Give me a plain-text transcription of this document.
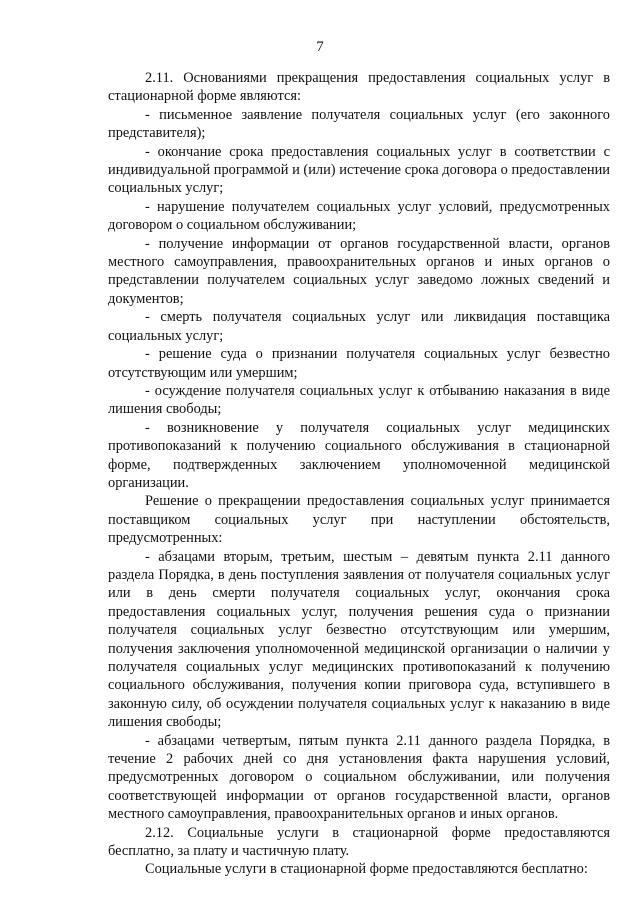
7

2.11. Основаниями прекращения предоставления социальных услуг в стационарной форме являются:

- письменное заявление получателя социальных услуг (его законного представителя);

- окончание срока предоставления социальных услуг в соответствии с индивидуальной программой и (или) истечение срока договора о предоставлении социальных услуг;

- нарушение получателем социальных услуг условий, предусмотренных договором о социальном обслуживании;

- получение информации от органов государственной власти, органов местного самоуправления, правоохранительных органов и иных органов о представлении получателем социальных услуг заведомо ложных сведений и документов;

- смерть получателя социальных услуг или ликвидация поставщика социальных услуг;

- решение суда о признании получателя социальных услуг безвестно отсутствующим или умершим;

- осуждение получателя социальных услуг к отбыванию наказания в виде лишения свободы;

- возникновение у получателя социальных услуг медицинских противопоказаний к получению социального обслуживания в стационарной форме, подтвержденных заключением уполномоченной медицинской организации.

Решение о прекращении предоставления социальных услуг принимается поставщиком социальных услуг при наступлении обстоятельств, предусмотренных:

- абзацами вторым, третьим, шестым – девятым пункта 2.11 данного раздела Порядка, в день поступления заявления от получателя социальных услуг или в день смерти получателя социальных услуг, окончания срока предоставления социальных услуг, получения решения суда о признании получателя социальных услуг безвестно отсутствующим или умершим, получения заключения уполномоченной медицинской организации о наличии у получателя социальных услуг медицинских противопоказаний к получению социального обслуживания, получения копии приговора суда, вступившего в законную силу, об осуждении получателя социальных услуг к наказанию в виде лишения свободы;

- абзацами четвертым, пятым пункта 2.11 данного раздела Порядка, в течение 2 рабочих дней со дня установления факта нарушения условий, предусмотренных договором о социальном обслуживании, или получения соответствующей информации от органов государственной власти, органов местного самоуправления, правоохранительных органов и иных органов.

2.12. Социальные услуги в стационарной форме предоставляются бесплатно, за плату и частичную плату.

Социальные услуги в стационарной форме предоставляются бесплатно:
